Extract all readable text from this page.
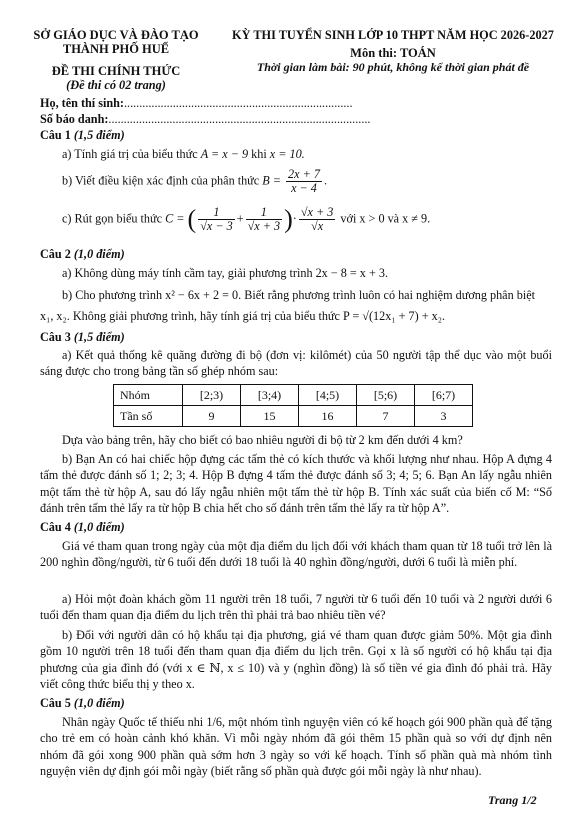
SỞ GIÁO DỤC VÀ ĐÀO TẠO
THÀNH PHỐ HUẾ
ĐỀ THI CHÍNH THỨC
(Đề thi có 02 trang)
KỲ THI TUYỂN SINH LỚP 10 THPT NĂM HỌC 2026-2027
Môn thi: TOÁN
Thời gian làm bài: 90 phút, không kể thời gian phát đề
Họ, tên thí sinh:...........................................................................
Số báo danh:......................................................................................
Câu 1 (1,5 điểm)
a) Tính giá trị của biểu thức A = x − 9 khi x = 10.
b) Viết điều kiện xác định của phân thức $B = \frac{2x + 7}{x - 4}$ .
c) Rút gọn biểu thức C = ( $\frac{1}{√x - 3} + \frac{1}{√x + 3}$ )· $\frac{√x + 3}{√x}$ với x > 0 và x ≠ 9.
Câu 2 (1,0 điểm)
a) Không dùng máy tính cầm tay, giải phương trình 2x − 8 = x + 3.
b) Cho phương trình x² − 6x + 2 = 0. Biết rằng phương trình luôn có hai nghiệm dương phân biệt
x₁, x₂. Không giải phương trình, hãy tính giá trị của biểu thức P = √(12x₁ + 7) + x₂.
Câu 3 (1,5 điểm)
a) Kết quả thống kê quãng đường đi bộ (đơn vị: kilômét) của 50 người tập thể dục vào một buổi sáng được cho trong bảng tần số ghép nhóm sau:
Nhóm	[2;3)	[3;4)	[4;5)	[5;6)	[6;7)
Tần số	9	15	16	7	3
Dựa vào bảng trên, hãy cho biết có bao nhiêu người đi bộ từ 2 km đến dưới 4 km?
b) Bạn An có hai chiếc hộp đựng các tấm thẻ có kích thước và khối lượng như nhau. Hộp A đựng 4 tấm thẻ được đánh số 1; 2; 3; 4. Hộp B đựng 4 tấm thẻ được đánh số 3; 4; 5; 6. Bạn An lấy ngẫu nhiên một tấm thẻ từ hộp A, sau đó lấy ngẫu nhiên một tấm thẻ từ hộp B. Tính xác suất của biến cố M: “Số đánh trên tấm thẻ lấy ra từ hộp B chia hết cho số đánh trên tấm thẻ lấy ra từ hộp A”.
Câu 4 (1,0 điểm)
Giá vé tham quan trong ngày của một địa điểm du lịch đối với khách tham quan từ 18 tuổi trở lên là 200 nghìn đồng/người, từ 6 tuổi đến dưới 18 tuổi là 40 nghìn đồng/người, dưới 6 tuổi là miễn phí.
a) Hỏi một đoàn khách gồm 11 người trên 18 tuổi, 7 người từ 6 tuổi đến 10 tuổi và 2 người dưới 6 tuổi đến tham quan địa điểm du lịch trên thì phải trả bao nhiêu tiền vé?
b) Đối với người dân có hộ khẩu tại địa phương, giá vé tham quan được giảm 50%. Một gia đình gồm 10 người trên 18 tuổi đến tham quan địa điểm du lịch trên. Gọi x là số người có hộ khẩu tại địa phương của gia đình đó (với x ∈ ℕ, x ≤ 10) và y (nghìn đồng) là số tiền vé gia đình đó phải trả. Hãy viết công thức biểu thị y theo x.
Câu 5 (1,0 điểm)
Nhân ngày Quốc tế thiếu nhi 1/6, một nhóm tình nguyện viên có kế hoạch gói 900 phần quà để tặng cho trẻ em có hoàn cảnh khó khăn. Vì mỗi ngày nhóm đã gói thêm 15 phần quà so với dự định nên nhóm đã gói xong 900 phần quà sớm hơn 3 ngày so với kế hoạch. Tính số phần quà mà nhóm tình nguyện viên dự định gói mỗi ngày (biết rằng số phần quà được gói mỗi ngày là như nhau).
Trang 1/2
